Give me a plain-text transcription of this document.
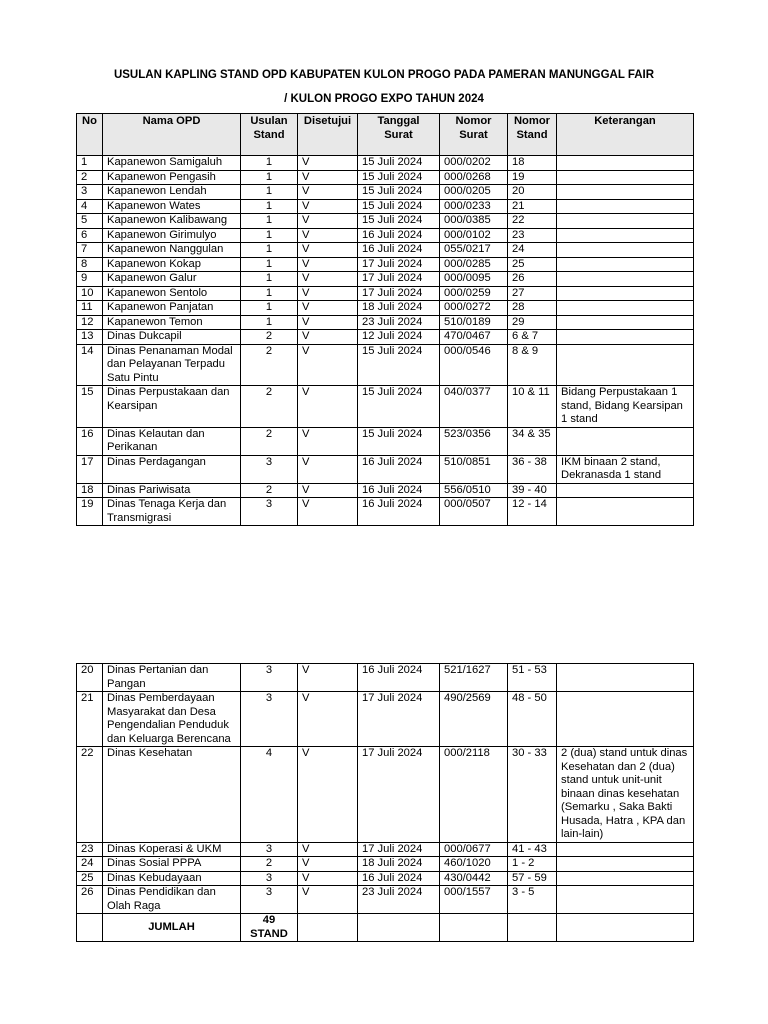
USULAN KAPLING STAND OPD KABUPATEN KULON PROGO PADA PAMERAN MANUNGGAL FAIR
/ KULON PROGO EXPO TAHUN 2024
No	Nama OPD	Usulan Stand	Disetujui	Tanggal Surat	Nomor Surat	Nomor Stand	Keterangan
1	Kapanewon Samigaluh	1	V	15 Juli 2024	000/0202	18	
2	Kapanewon Pengasih	1	V	15 Juli 2024	000/0268	19	
3	Kapanewon Lendah	1	V	15 Juli 2024	000/0205	20	
4	Kapanewon Wates	1	V	15 Juli 2024	000/0233	21	
5	Kapanewon Kalibawang	1	V	15 Juli 2024	000/0385	22	
6	Kapanewon Girimulyo	1	V	16 Juli 2024	000/0102	23	
7	Kapanewon Nanggulan	1	V	16 Juli 2024	055/0217	24	
8	Kapanewon Kokap	1	V	17 Juli 2024	000/0285	25	
9	Kapanewon Galur	1	V	17 Juli 2024	000/0095	26	
10	Kapanewon Sentolo	1	V	17 Juli 2024	000/0259	27	
11	Kapanewon Panjatan	1	V	18 Juli 2024	000/0272	28	
12	Kapanewon Temon	1	V	23 Juli 2024	510/0189	29	
13	Dinas Dukcapil	2	V	12 Juli 2024	470/0467	6 & 7	
14	Dinas Penanaman Modal dan Pelayanan Terpadu Satu Pintu	2	V	15 Juli 2024	000/0546	8 & 9	
15	Dinas Perpustakaan dan Kearsipan	2	V	15 Juli 2024	040/0377	10 & 11	Bidang Perpustakaan 1 stand, Bidang Kearsipan 1 stand
16	Dinas Kelautan dan Perikanan	2	V	15 Juli 2024	523/0356	34 & 35	
17	Dinas Perdagangan	3	V	16 Juli 2024	510/0851	36 - 38	IKM binaan 2 stand, Dekranasda 1 stand
18	Dinas Pariwisata	2	V	16 Juli 2024	556/0510	39 - 40	
19	Dinas Tenaga Kerja dan Transmigrasi	3	V	16 Juli 2024	000/0507	12 - 14	
20	Dinas Pertanian dan Pangan	3	V	16 Juli 2024	521/1627	51 - 53	
21	Dinas Pemberdayaan Masyarakat dan Desa Pengendalian Penduduk dan Keluarga Berencana	3	V	17 Juli 2024	490/2569	48 - 50	
22	Dinas Kesehatan	4	V	17 Juli 2024	000/2118	30 - 33	2 (dua) stand untuk dinas Kesehatan dan 2 (dua) stand untuk unit-unit binaan dinas kesehatan (Semarku , Saka Bakti Husada, Hatra , KPA dan lain-lain)
23	Dinas Koperasi & UKM	3	V	17 Juli 2024	000/0677	41 - 43	
24	Dinas Sosial PPPA	2	V	18 Juli 2024	460/1020	1 - 2	
25	Dinas Kebudayaan	3	V	16 Juli 2024	430/0442	57 - 59	
26	Dinas Pendidikan dan Olah Raga	3	V	23 Juli 2024	000/1557	3 - 5	
	JUMLAH	49 STAND					
